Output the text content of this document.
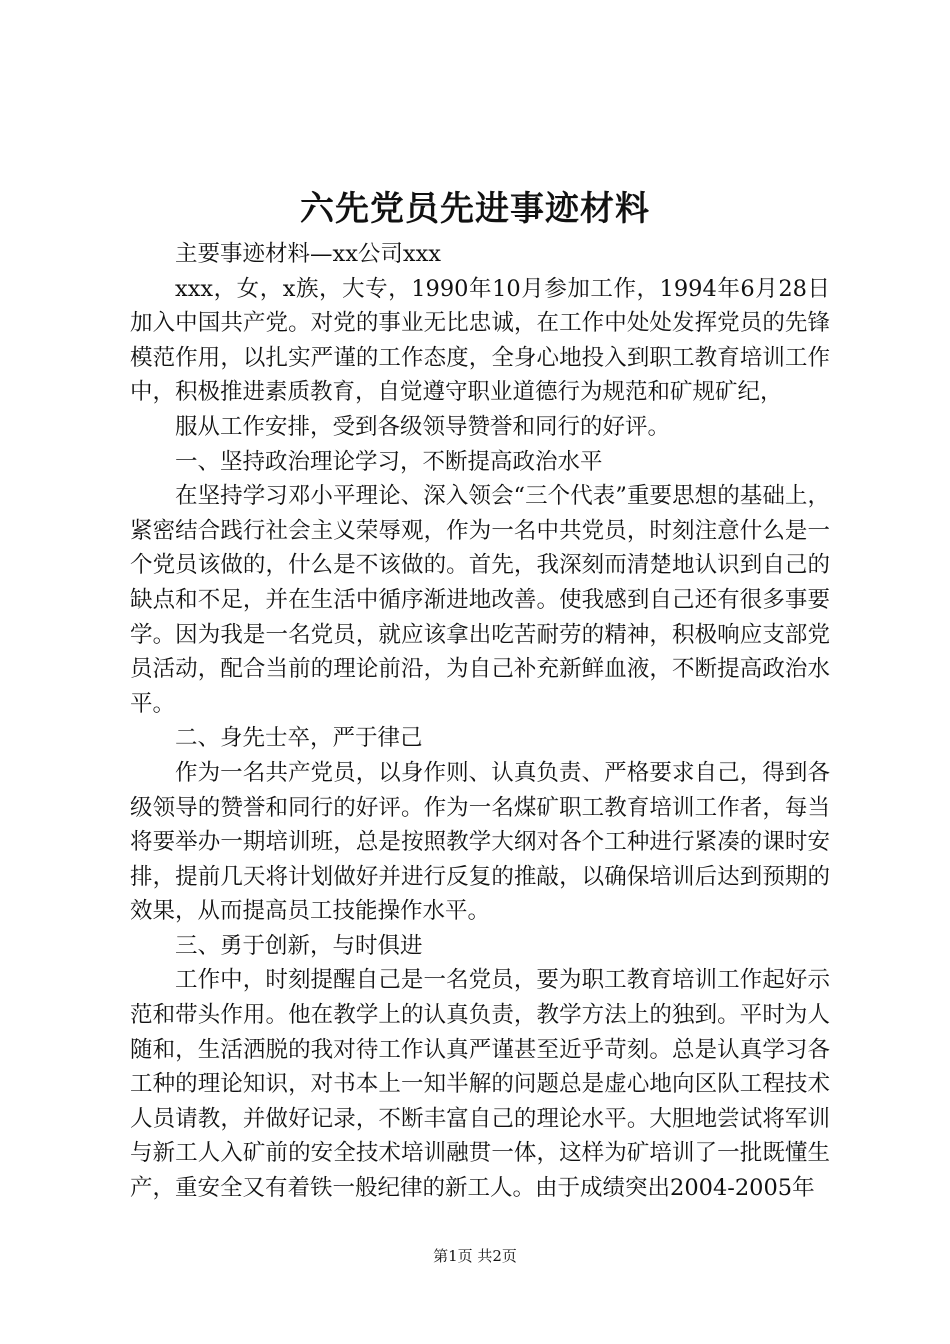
六先党员先进事迹材料

主要事迹材料—xx公司xxx

xxx，女，x族，大专，1990年10月参加工作，1994年6月28日加入中国共产党。对党的事业无比忠诚，在工作中处处发挥党员的先锋模范作用，以扎实严谨的工作态度，全身心地投入到职工教育培训工作中，积极推进素质教育，自觉遵守职业道德行为规范和矿规矿纪，

服从工作安排，受到各级领导赞誉和同行的好评。

一、坚持政治理论学习，不断提高政治水平

在坚持学习邓小平理论、深入领会“三个代表”重要思想的基础上，紧密结合践行社会主义荣辱观，作为一名中共党员，时刻注意什么是一个党员该做的，什么是不该做的。首先，我深刻而清楚地认识到自己的缺点和不足，并在生活中循序渐进地改善。使我感到自己还有很多事要学。因为我是一名党员，就应该拿出吃苦耐劳的精神，积极响应支部党员活动，配合当前的理论前沿，为自己补充新鲜血液，不断提高政治水平。

二、身先士卒，严于律己

作为一名共产党员，以身作则、认真负责、严格要求自己，得到各级领导的赞誉和同行的好评。作为一名煤矿职工教育培训工作者，每当将要举办一期培训班，总是按照教学大纲对各个工种进行紧凑的课时安排，提前几天将计划做好并进行反复的推敲，以确保培训后达到预期的效果，从而提高员工技能操作水平。

三、勇于创新，与时俱进

工作中，时刻提醒自己是一名党员，要为职工教育培训工作起好示范和带头作用。他在教学上的认真负责，教学方法上的独到。平时为人随和，生活洒脱的我对待工作认真严谨甚至近乎苛刻。总是认真学习各工种的理论知识，对书本上一知半解的问题总是虚心地向区队工程技术人员请教，并做好记录，不断丰富自己的理论水平。大胆地尝试将军训与新工人入矿前的安全技术培训融贯一体，这样为矿培训了一批既懂生产，重安全又有着铁一般纪律的新工人。由于成绩突出2004-2005年

第1页 共2页
